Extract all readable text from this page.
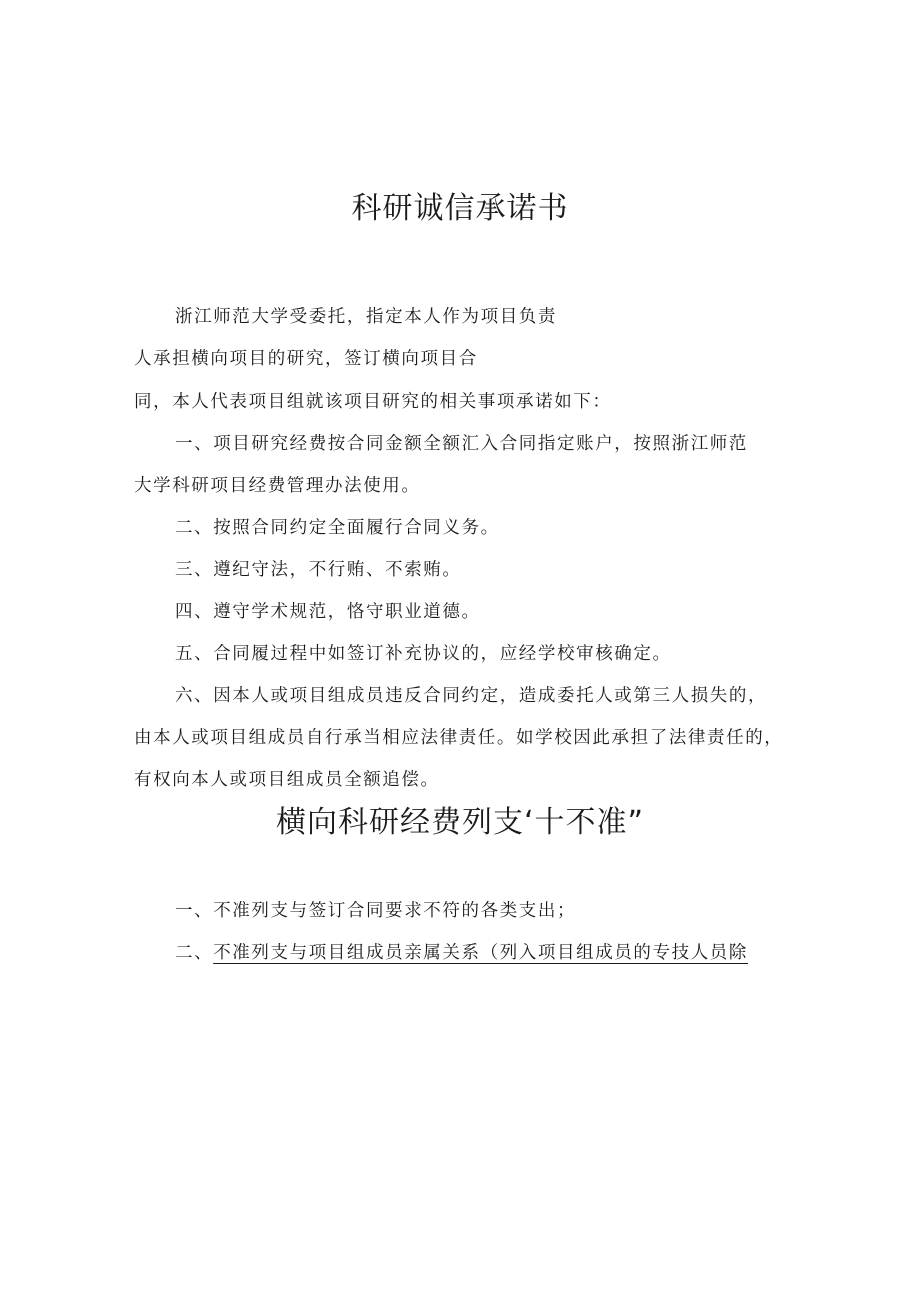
科研诚信承诺书
浙江师范大学受委托，指定本人作为项目负责
人承担横向项目的研究，签订横向项目合
同，本人代表项目组就该项目研究的相关事项承诺如下：
一、项目研究经费按合同金额全额汇入合同指定账户，按照浙江师范
大学科研项目经费管理办法使用。
二、按照合同约定全面履行合同义务。
三、遵纪守法，不行贿、不索贿。
四、遵守学术规范，恪守职业道德。
五、合同履过程中如签订补充协议的，应经学校审核确定。
六、因本人或项目组成员违反合同约定，造成委托人或第三人损失的，
由本人或项目组成员自行承当相应法律责任。如学校因此承担了法律责任的，
有权向本人或项目组成员全额追偿。
横向科研经费列支‘十不准”
一、不准列支与签订合同要求不符的各类支出；
二、不准列支与项目组成员亲属关系（列入项目组成员的专技人员除
